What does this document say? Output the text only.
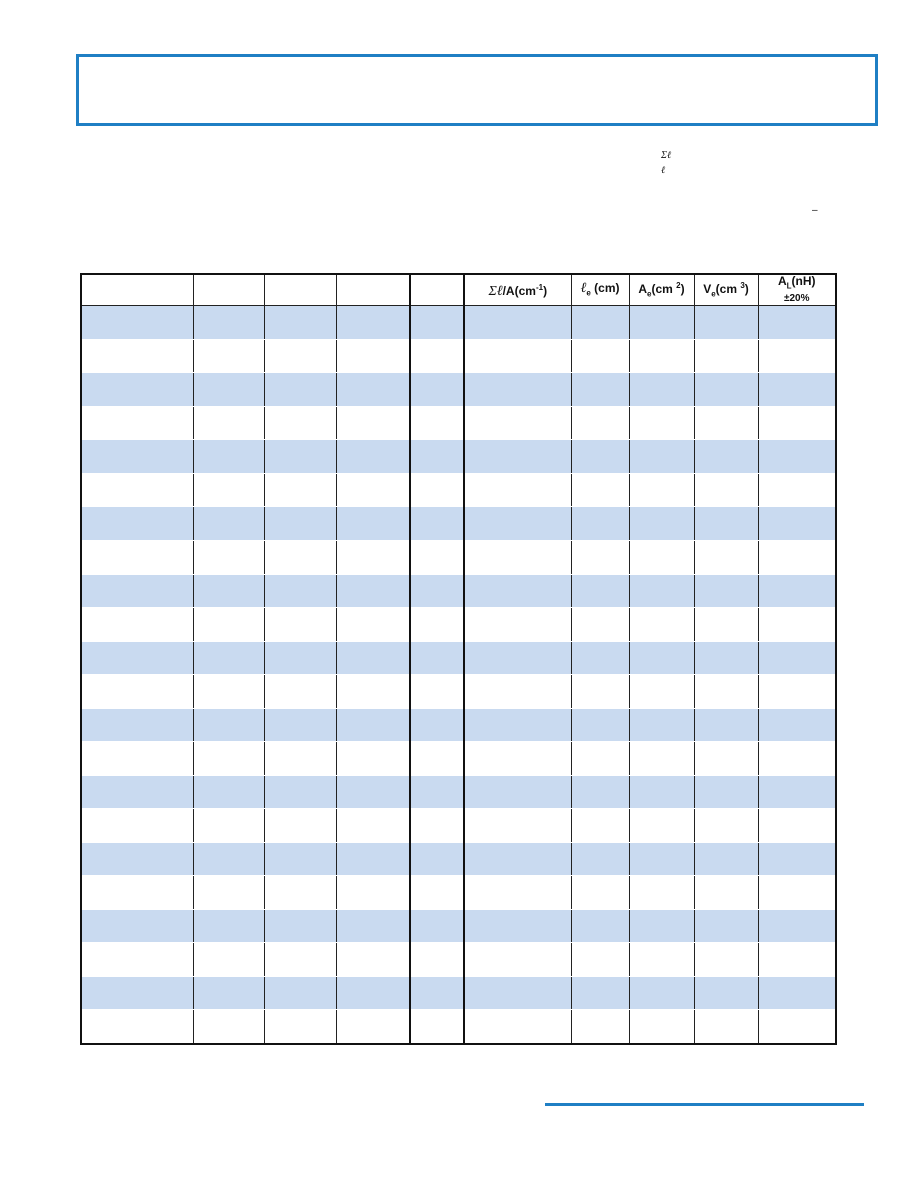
Σℓ
ℓ
–
					$\Sigma\ell/A(cm^{-1})$	ℓ$_e$ (cm)	$A_e(cm$ $^2$)	$V_e(cm$ $^3$)	$A_L(nH)$
±20%
